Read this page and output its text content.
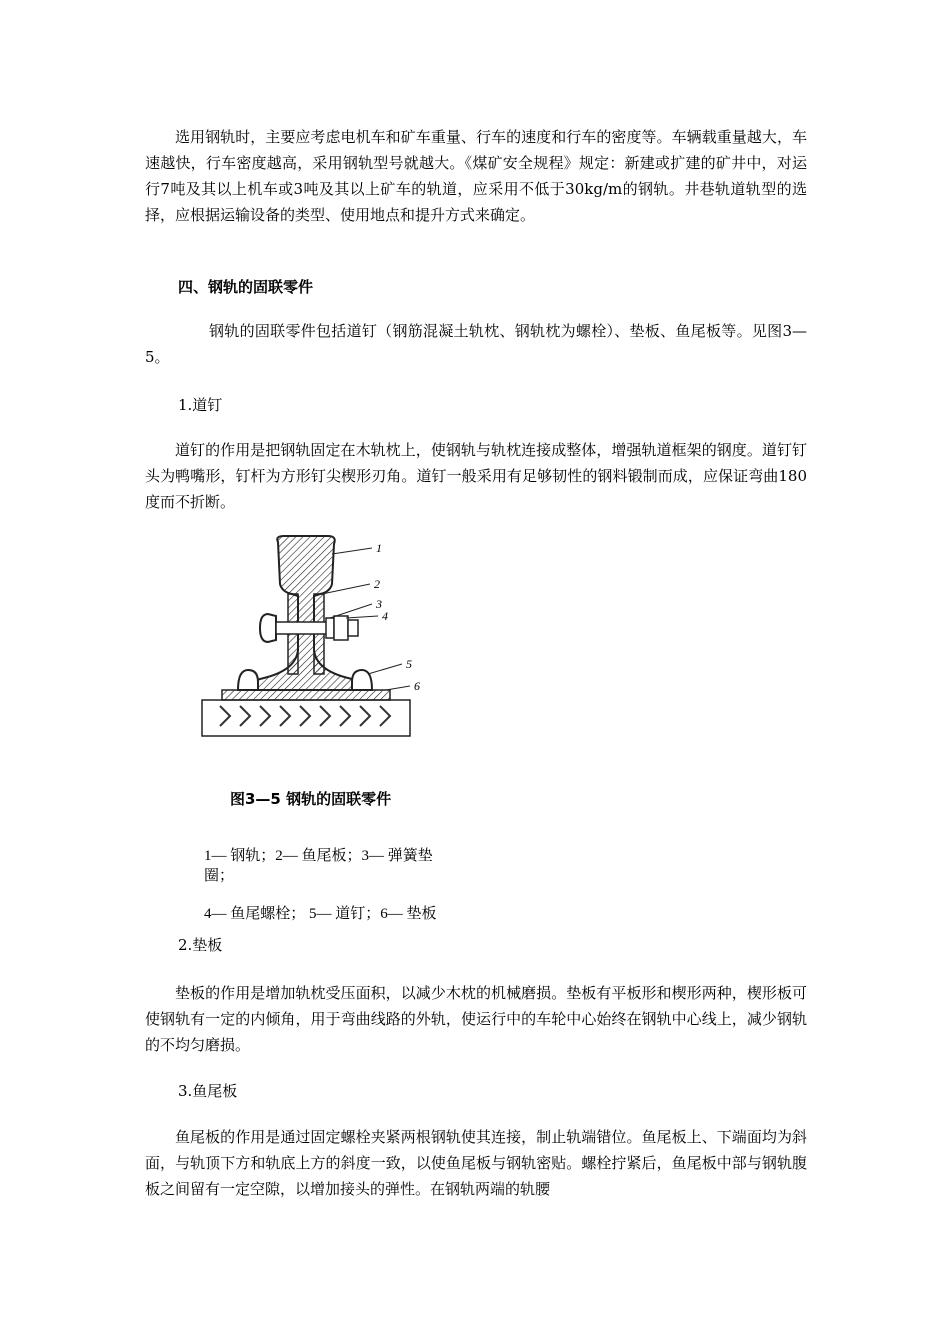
选用钢轨时，主要应考虑电机车和矿车重量、行车的速度和行车的密度等。车辆载重量越大，车速越快，行车密度越高，采用钢轨型号就越大。《煤矿安全规程》规定：新建或扩建的矿井中，对运行7吨及其以上机车或3吨及其以上矿车的轨道，应采用不低于30kg/m的钢轨。井巷轨道轨型的选择，应根据运输设备的类型、使用地点和提升方式来确定。

四、钢轨的固联零件

钢轨的固联零件包括道钉（钢筋混凝土轨枕、钢轨枕为螺栓）、垫板、鱼尾板等。见图3—5。

1.道钉

道钉的作用是把钢轨固定在木轨枕上，使钢轨与轨枕连接成整体，增强轨道框架的钢度。道钉钉头为鸭嘴形，钉杆为方形钉尖楔形刃角。道钉一般采用有足够韧性的钢料锻制而成，应保证弯曲180度而不折断。

1
2
3
4
5
6

图3—5 钢轨的固联零件

1— 钢轨；2— 鱼尾板；3— 弹簧垫圈；

4— 鱼尾螺栓； 5— 道钉；6— 垫板

2.垫板

垫板的作用是增加轨枕受压面积，以减少木枕的机械磨损。垫板有平板形和楔形两种，楔形板可使钢轨有一定的内倾角，用于弯曲线路的外轨，使运行中的车轮中心始终在钢轨中心线上，减少钢轨的不均匀磨损。

3.鱼尾板

鱼尾板的作用是通过固定螺栓夹紧两根钢轨使其连接，制止轨端错位。鱼尾板上、下端面均为斜面，与轨顶下方和轨底上方的斜度一致，以使鱼尾板与钢轨密贴。螺栓拧紧后，鱼尾板中部与钢轨腹板之间留有一定空隙，以增加接头的弹性。在钢轨两端的轨腰
